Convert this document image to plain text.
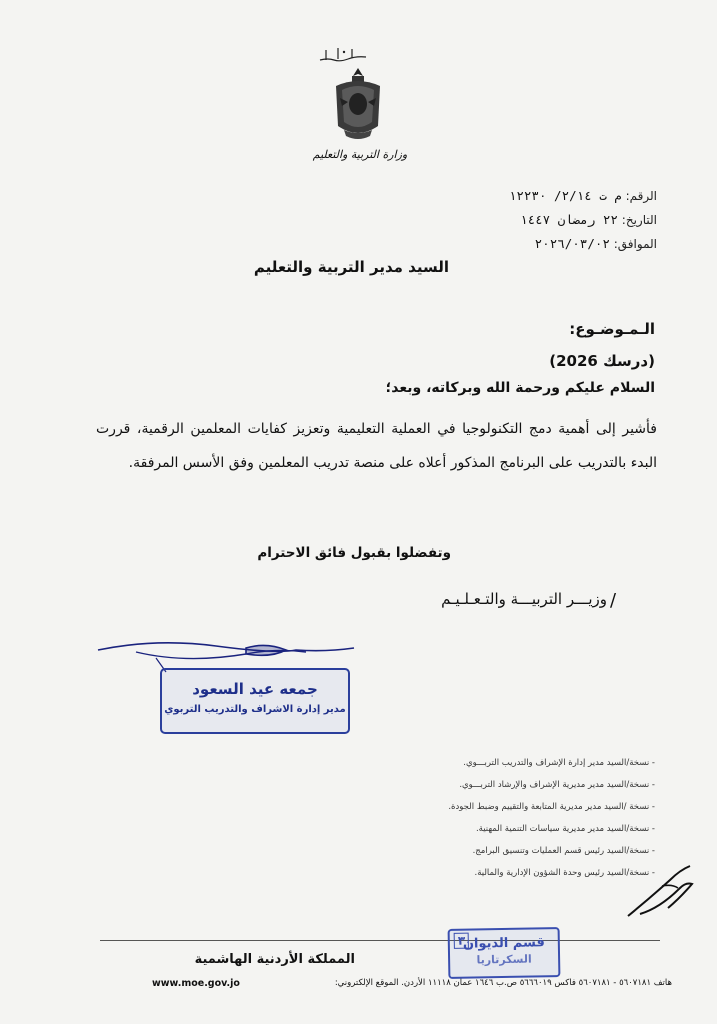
وزارة التربية والتعليم
الرقم: م ت ٢/١٤/ ١٢٢٣٠
التاريخ: ٢٢ رمضان ١٤٤٧
الموافق: ٢٠٢٦/٠٣/٠٢
السيد مدير التربية والتعليم
الـمـوضـوع:
(درسك 2026)
السلام عليكم ورحمة الله وبركاته، وبعد؛
فأشير إلى أهمية دمج التكنولوجيا في العملية التعليمية وتعزيز كفايات المعلمين الرقمية، قررت البدء بالتدريب على البرنامج المذكور أعلاه على منصة تدريب المعلمين وفق الأسس المرفقة.
وتفضلوا بقبول فائق الاحترام
وزيـــر التربيـــة والتـعـلـيـم /
جمعه عيد السعود
مدير إدارة الاشراف والتدريب التربوي
- نسخة/السيد مدير إدارة الإشراف والتدريب التربـــوي.
- نسخة/السيد مدير مديرية الإشراف والإرشاد التربـــوي.
- نسخة /السيد مدير مديرية المتابعة والتقييم وضبط الجودة.
- نسخة/السيد مدير مديرية سياسات التنمية المهنية.
- نسخة/السيد رئيس قسم العمليات وتنسيق البرامج.
- نسخة/السيد رئيس وحدة الشؤون الإدارية والمالية.
المملكة الأردنية الهاشمية
هاتف ٥٦٠٧١٨١ - ٥٦٠٧١٨١ فاكس ٥٦٦٦٠١٩ ص.ب ١٦٤٦ عمان ١١١١٨ الأردن. الموقع الإلكتروني:
www.moe.gov.jo
٣
قسم الديوان
السكرتاريا
